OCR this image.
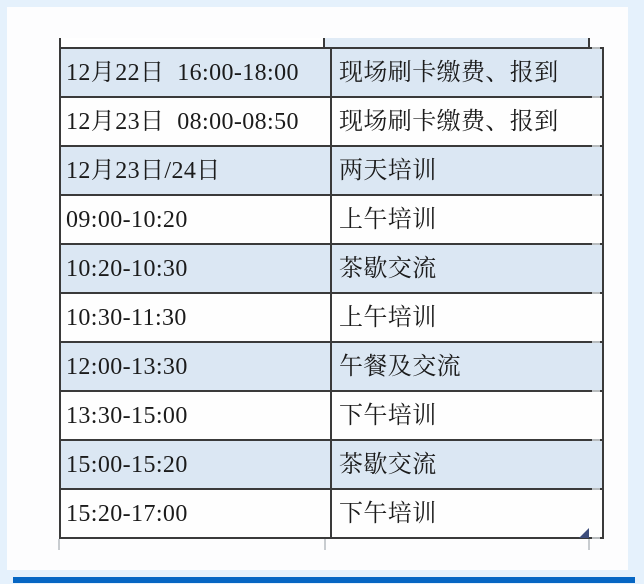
12月22日  16:00-18:00	现场刷卡缴费、报到
12月23日  08:00-08:50	现场刷卡缴费、报到
12月23日/24日	两天培训
09:00-10:20	上午培训
10:20-10:30	茶歇交流
10:30-11:30	上午培训
12:00-13:30	午餐及交流
13:30-15:00	下午培训
15:00-15:20	茶歇交流
15:20-17:00	下午培训
